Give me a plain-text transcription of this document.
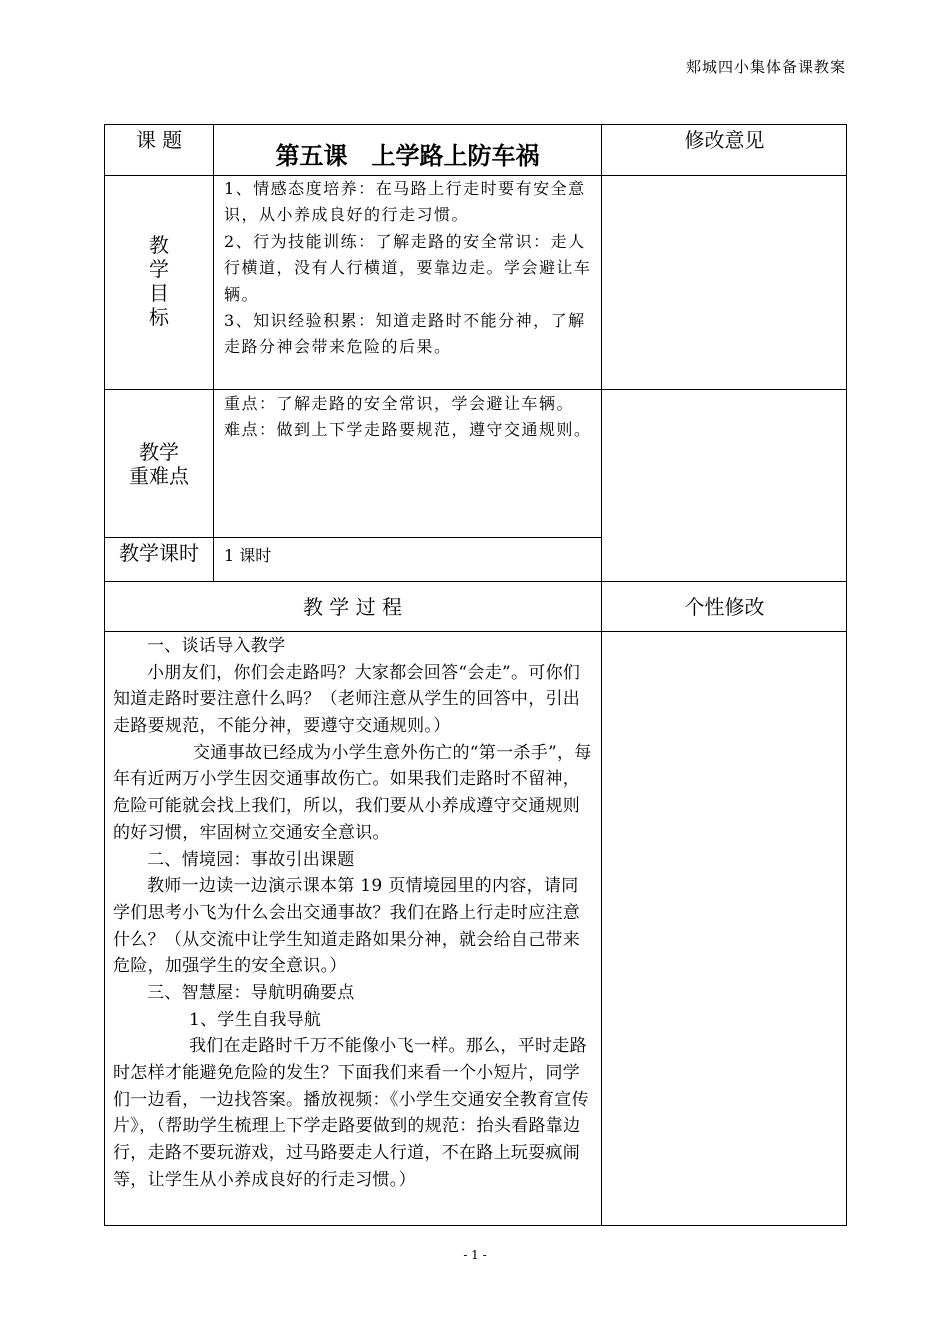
郏城四小集体备课教案
课 题
第五课　上学路上防车祸
修改意见
教
学
目
标
1、情感态度培养：在马路上行走时要有安全意识，从小养成良好的行走习惯。
2、行为技能训练：了解走路的安全常识：走人行横道，没有人行横道，要靠边走。学会避让车辆。
3、知识经验积累：知道走路时不能分神，了解走路分神会带来危险的后果。
教学
重难点
重点：了解走路的安全常识，学会避让车辆。
难点：做到上下学走路要规范，遵守交通规则。
教学课时	1 课时
教 学 过 程	个性修改

一、谈话导入教学

小朋友们，你们会走路吗？大家都会回答“会走”。可你们知道走路时要注意什么吗？（老师注意从学生的回答中，引出走路要规范，不能分神，要遵守交通规则。）

交通事故已经成为小学生意外伤亡的“第一杀手”，每年有近两万小学生因交通事故伤亡。如果我们走路时不留神，危险可能就会找上我们，所以，我们要从小养成遵守交通规则的好习惯，牢固树立交通安全意识。

二、情境园：事故引出课题

教师一边读一边演示课本第 19 页情境园里的内容，请同学们思考小飞为什么会出交通事故？我们在路上行走时应注意什么？（从交流中让学生知道走路如果分神，就会给自己带来危险，加强学生的安全意识。）

三、智慧屋：导航明确要点

1、学生自我导航

我们在走路时千万不能像小飞一样。那么，平时走路时怎样才能避免危险的发生？下面我们来看一个小短片，同学们一边看，一边找答案。播放视频：《小学生交通安全教育宣传片》，（帮助学生梳理上下学走路要做到的规范：抬头看路靠边行，走路不要玩游戏，过马路要走人行道，不在路上玩耍疯闹等，让学生从小养成良好的行走习惯。）

- 1 -
